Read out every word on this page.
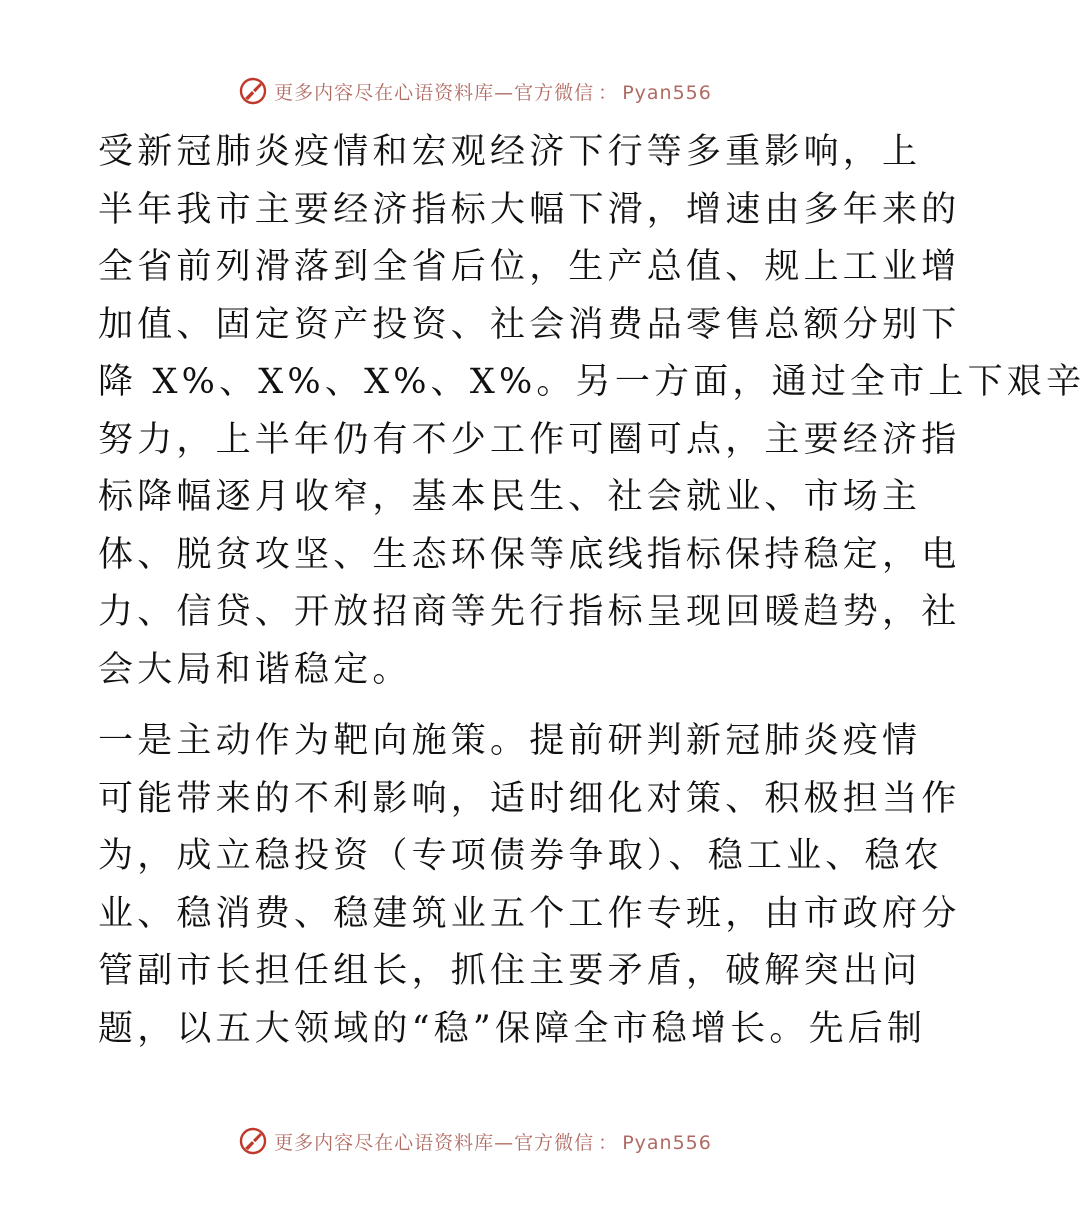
更多内容尽在心语资料库—官方微信 ： Pyan556
受新冠肺炎疫情和宏观经济下行等多重影响，上
半年我市主要经济指标大幅下滑，增速由多年来的
全省前列滑落到全省后位，生产总值、规上工业增
加值、固定资产投资、社会消费品零售总额分别下
降 X%、X%、X%、X%。另一方面，通过全市上下艰辛
努力，上半年仍有不少工作可圈可点，主要经济指
标降幅逐月收窄，基本民生、社会就业、市场主
体、脱贫攻坚、生态环保等底线指标保持稳定，电
力、信贷、开放招商等先行指标呈现回暖趋势，社
会大局和谐稳定。
一是主动作为靶向施策。提前研判新冠肺炎疫情
可能带来的不利影响，适时细化对策、积极担当作
为，成立稳投资（专项债券争取）、稳工业、稳农
业、稳消费、稳建筑业五个工作专班，由市政府分
管副市长担任组长，抓住主要矛盾，破解突出问
题，以五大领域的“稳”保障全市稳增长。先后制
更多内容尽在心语资料库—官方微信 ： Pyan556
